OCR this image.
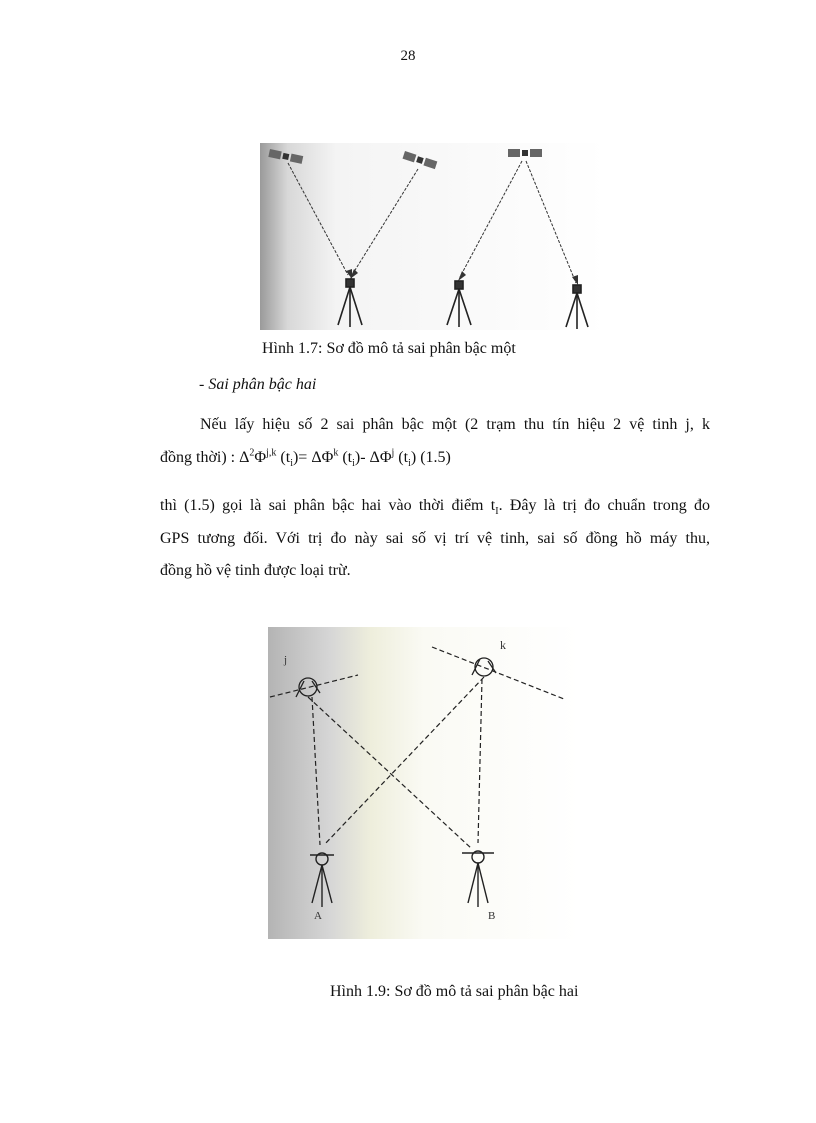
28
Hình 1.7: Sơ đồ mô tả sai phân bậc một
- Sai phân bậc hai
Nếu lấy hiệu số 2 sai phân bậc một (2 trạm thu tín hiệu 2 vệ tinh j, k
đồng thời) : $\Delta^2\Phi^{j,k}$ $(t_i)= \Delta\Phi^k$ $(t_i)-$ $\Delta\Phi^j$ $(t_i)$ (1.5)
thì (1.5) gọi là sai phân bậc hai vào thời điểm $t_I$. Đây là trị đo chuẩn trong đo
GPS tương đối. Với trị đo này sai số vị trí vệ tinh, sai số đồng hồ máy thu,
đồng hồ vệ tinh được loại trừ.
j
k
A	B
Hình 1.9: Sơ đồ mô tả sai phân bậc hai
